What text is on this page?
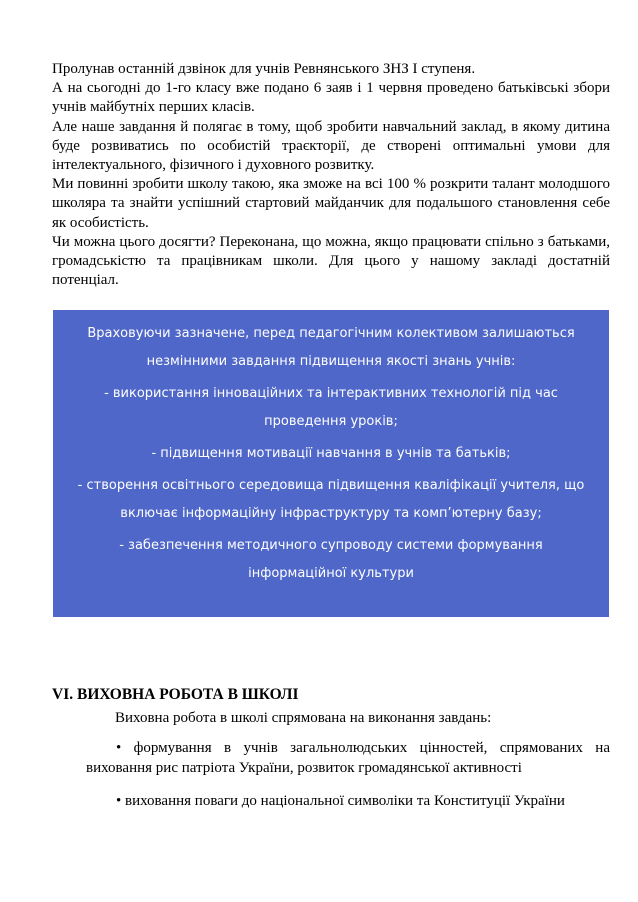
Пролунав останній дзвінок для учнів Ревнянського ЗНЗ І ступеня.

А на сьогодні до 1-го класу вже подано 6 заяв і 1 червня проведено батьківські збори учнів майбутніх перших класів.

Але наше завдання й полягає в тому, щоб зробити навчальний заклад, в якому дитина буде розвиватись по особистій траєкторії, де створені оптимальні умови для інтелектуального, фізичного і духовного розвитку.

Ми повинні зробити школу такою, яка зможе на всі 100 % розкрити талант молодшого школяра та знайти успішний стартовий майданчик для подальшого становлення себе як особистість.

Чи можна цього досягти? Переконана, що можна, якщо працювати спільно з батьками, громадськістю та працівникам школи. Для цього у нашому закладі достатній потенціал.

Враховуючи зазначене, перед педагогічним колективом залишаються незмінними завдання підвищення якості знань учнів:

- використання інноваційних та інтерактивних технологій під час проведення уроків;

- підвищення мотивації навчання в учнів та батьків;

- створення освітнього середовища підвищення кваліфікації учителя, що включає інформаційну інфраструктуру та комп’ютерну базу;

- забезпечення методичного супроводу системи формування інформаційної культури

VI. ВИХОВНА РОБОТА В ШКОЛІ

Виховна робота в школі спрямована на виконання завдань:

• формування в учнів загальнолюдських цінностей, спрямованих на виховання рис патріота України, розвиток громадянської активності
• виховання поваги до національної символіки та Конституції України
